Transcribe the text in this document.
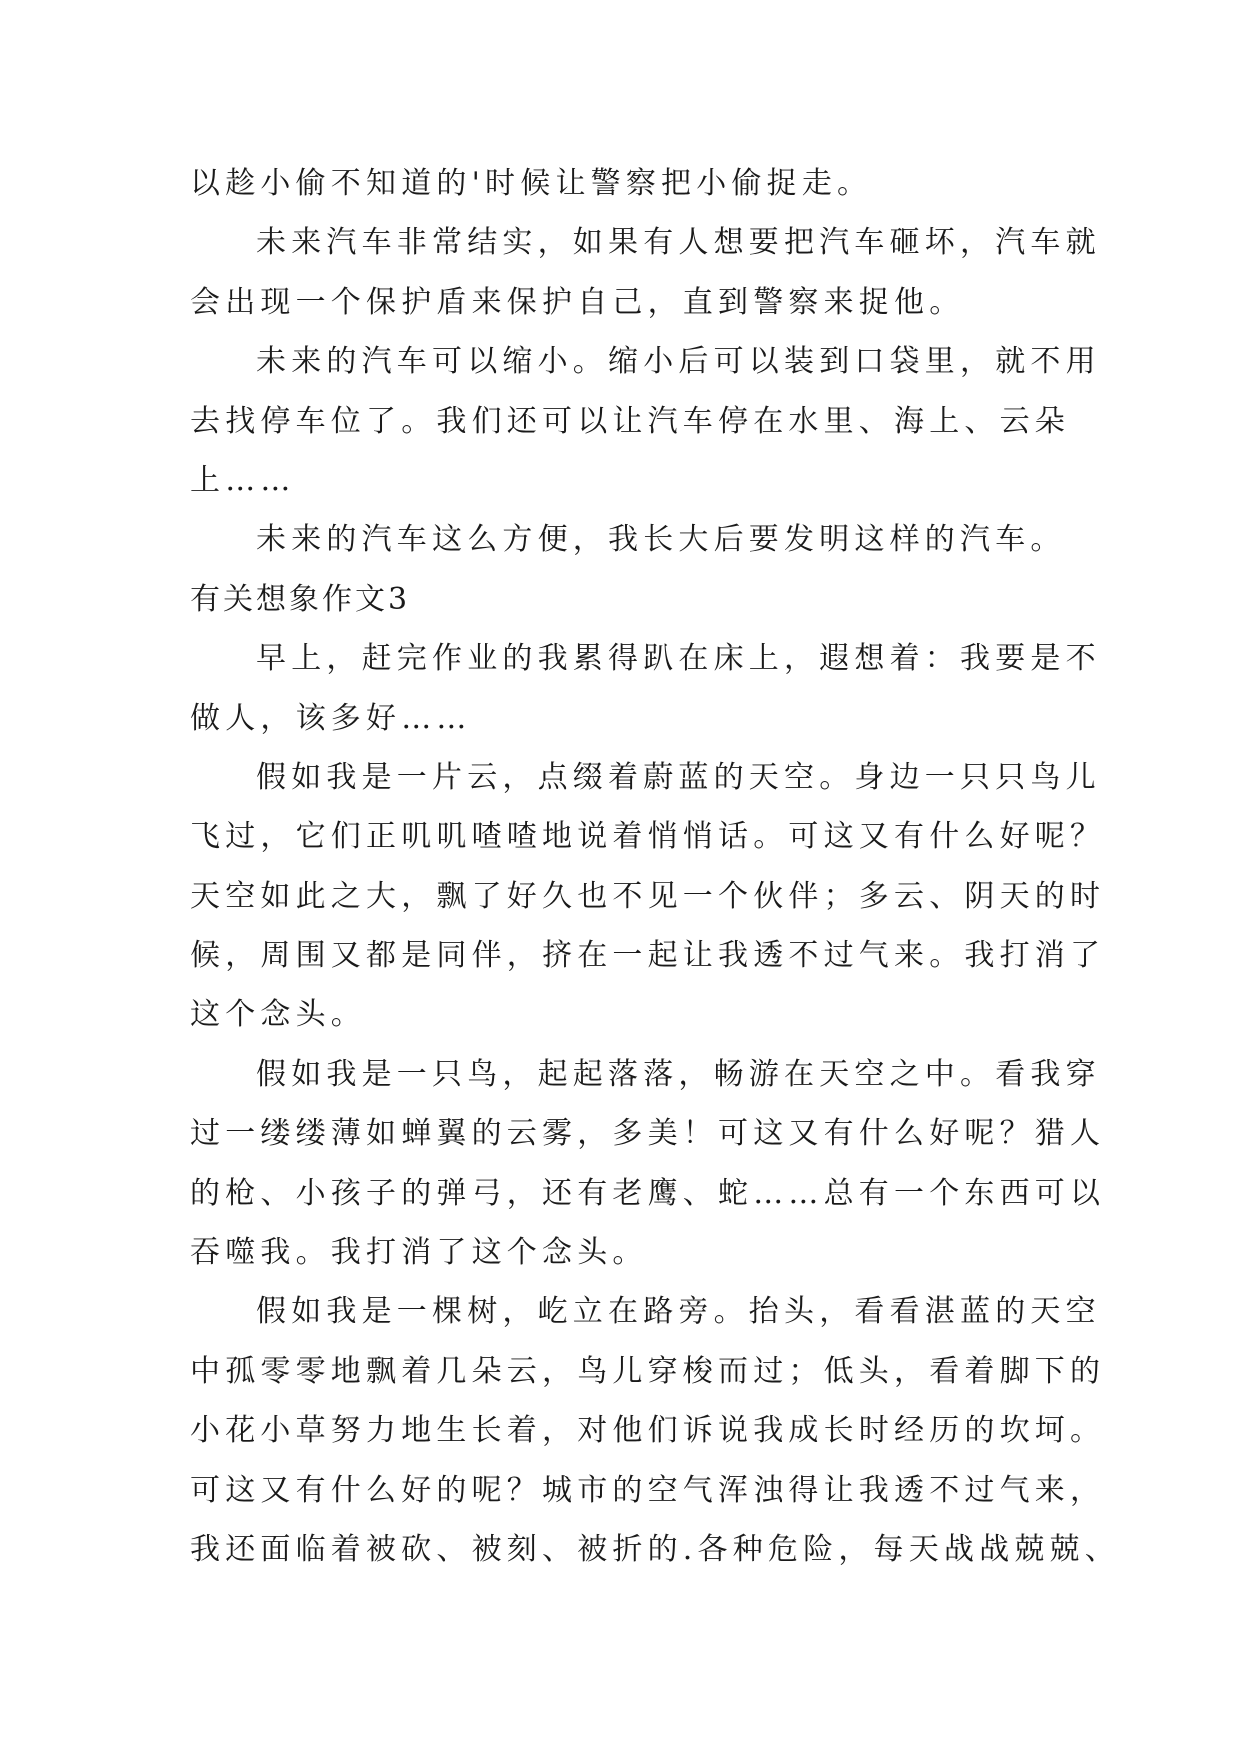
以趁小偷不知道的'时候让警察把小偷捉走。
未来汽车非常结实，如果有人想要把汽车砸坏，汽车就
会出现一个保护盾来保护自己，直到警察来捉他。
未来的汽车可以缩小。缩小后可以装到口袋里，就不用
去找停车位了。我们还可以让汽车停在水里、海上、云朵
上……
未来的汽车这么方便，我长大后要发明这样的汽车。
有关想象作文3
早上，赶完作业的我累得趴在床上，遐想着：我要是不
做人，该多好……
假如我是一片云，点缀着蔚蓝的天空。身边一只只鸟儿
飞过，它们正叽叽喳喳地说着悄悄话。可这又有什么好呢？
天空如此之大，飘了好久也不见一个伙伴；多云、阴天的时
候，周围又都是同伴，挤在一起让我透不过气来。我打消了
这个念头。
假如我是一只鸟，起起落落，畅游在天空之中。看我穿
过一缕缕薄如蝉翼的云雾，多美！可这又有什么好呢？猎人
的枪、小孩子的弹弓，还有老鹰、蛇……总有一个东西可以
吞噬我。我打消了这个念头。
假如我是一棵树，屹立在路旁。抬头，看看湛蓝的天空
中孤零零地飘着几朵云，鸟儿穿梭而过；低头，看着脚下的
小花小草努力地生长着，对他们诉说我成长时经历的坎坷。
可这又有什么好的呢？城市的空气浑浊得让我透不过气来，
我还面临着被砍、被刻、被折的.各种危险，每天战战兢兢、
